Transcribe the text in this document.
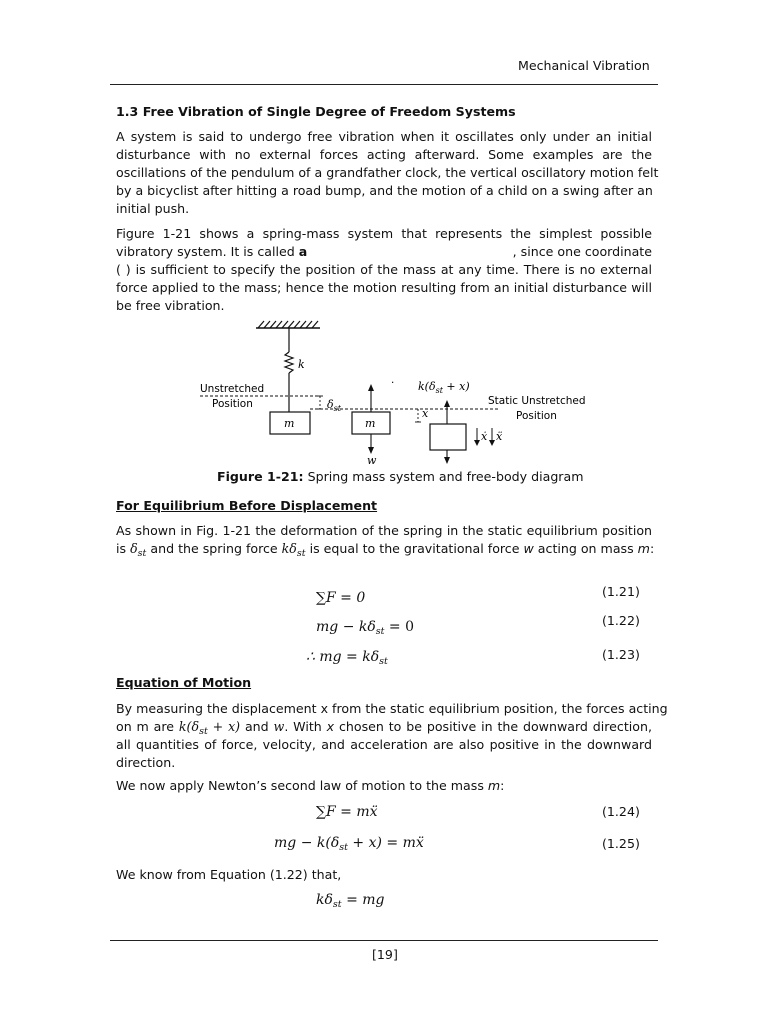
Mechanical Vibration
1.3 Free Vibration of Single Degree of Freedom Systems
A system is said to undergo free vibration when it oscillates only under an initial
disturbance with no external forces acting afterward. Some examples are the
oscillations of the pendulum of a grandfather clock, the vertical oscillatory motion felt
by a bicyclist after hitting a road bump, and the motion of a child on a swing after an
initial push.
Figure 1-21 shows a spring-mass system that represents the simplest possible
vibratory system. It is called a	, since one coordinate
( ) is sufficient to specify the position of the mass at any time. There is no external
force applied to the mass; hence the motion resulting from an initial disturbance will
be free vibration.
k
Unstretched
Position	$\delta_{st}$
m	m
w
· $k(\delta_{st} + x)$
x
Static Unstretched
Position
ẋ ẍ
Figure 1-21: Spring mass system and free-body diagram
For Equilibrium Before Displacement
As shown in Fig. 1-21 the deformation of the spring in the static equilibrium position
is $\delta_{st}$ and the spring force $k\delta_{st}$ is equal to the gravitational force w acting on mass m:
∑F = 0	(1.21)
mg − $k\delta_{st} = 0$	(1.22)
∴ mg = $k\delta_{st}$	(1.23)
Equation of Motion
By measuring the displacement x from the static equilibrium position, the forces acting
on m are $k(\delta_{st} + x)$ and w. With x chosen to be positive in the downward direction,
all quantities of force, velocity, and acceleration are also positive in the downward
direction.
We now apply Newton’s second law of motion to the mass m:
∑F = mẍ	(1.24)
mg − $k(\delta_{st} + x)$ = mẍ	(1.25)
We know from Equation (1.22) that,
$k\delta_{st}$ = mg
[19]
